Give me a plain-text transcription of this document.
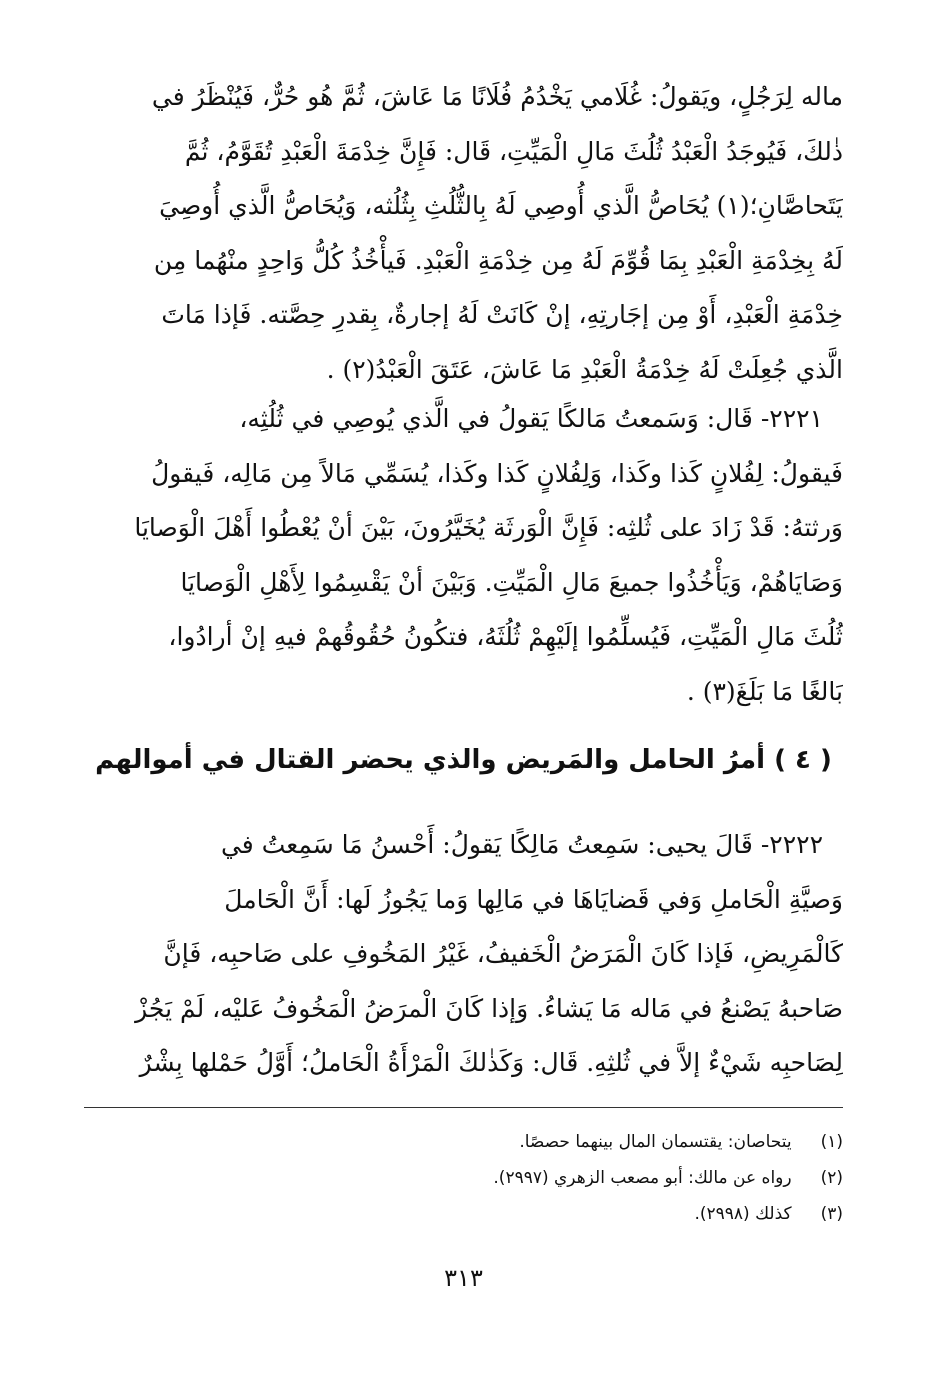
ماله لِرَجُلٍ، ويَقولُ: غُلَامي يَخْدُمُ فُلَانًا مَا عَاشَ، ثُمَّ هُو حُرٌّ، فَيُنْظَرُ في
ذٰلكَ، فَيُوجَدُ الْعَبْدُ ثُلُثَ مَالِ الْمَيِّتِ، قَال: فَإِنَّ خِدْمَةَ الْعَبْدِ تُقَوَّمُ، ثُمَّ
يَتَحاصَّانِ؛(١) يُحَاصُّ الَّذي أُوصِي لَهُ بِالثُّلُثِ بِثُلُثه، وَيُحَاصُّ الَّذي أُوصِيَ
لَهُ بِخِدْمَةِ الْعَبْدِ بِمَا قُوِّمَ لَهُ مِن خِدْمَةِ الْعَبْدِ. فَيأْخُذُ كُلُّ وَاحِدٍ منْهُما مِن
خِدْمَةِ الْعَبْدِ، أَوْ مِن إجَارتِهِ، إنْ كَانَتْ لَهُ إجارةٌ، بِقدرِ حِصَّته. فَإذا مَاتَ
الَّذي جُعِلَتْ لَهُ خِدْمَةُ الْعَبْدِ مَا عَاشَ، عَتَقَ الْعَبْدُ(٢) .
٢٢٢١- قَال: وَسَمعتُ مَالكًا يَقولُ في الَّذي يُوصِي في ثُلُثِه،
فَيقولُ: لِفُلانٍ كَذا وكَذا، وَلِفُلانٍ كَذا وكَذا، يُسَمِّي مَالاً مِن مَالِه، فَيقولُ
وَرثتهُ: قَدْ زَادَ على ثُلثِه: فَإِنَّ الْوَرثَة يُخَيَّرُونَ، بَيْنَ أنْ يُعْطُوا أَهْلَ الْوَصايَا
وَصَايَاهُمْ، وَيَأْخُذُوا جميعَ مَالِ الْمَيِّتِ. وَبَيْنَ أنْ يَقْسِمُوا لِأَهْلِ الْوَصايَا
ثُلُثَ مَالِ الْمَيِّتِ، فَيُسلِّمُوا إلَيْهِمْ ثُلُثَهُ، فتكُونُ حُقُوقُهمْ فيهِ إنْ أرادُوا،
بَالغًا مَا بَلَغَ(٣) .
( ٤ ) أمرُ الحامل والمَريض والذي يحضر القتال في أموالهم
٢٢٢٢- قَالَ يحيى: سَمِعتُ مَالِكًا يَقولُ: أَحْسنُ مَا سَمِعتُ في
وَصيَّةِ الْحَاملِ وَفي قَضايَاهَا في مَالِها وَما يَجُوزُ لَها: أَنَّ الْحَاملَ
كَالْمَرِيضِ، فَإذا كَانَ الْمَرَضُ الْخَفيفُ، غَيْرُ المَخُوفِ على صَاحبِه، فَإنَّ
صَاحبهُ يَصْنعُ في مَاله مَا يَشاءُ. وَإذا كَانَ الْمرَضُ الْمَخُوفُ عَليْه، لَمْ يَجُزْ
لِصَاحبِه شَيْءٌ إلاَّ في ثُلثِهِ. قَال: وَكَذٰلكَ الْمَرْأَةُ الْحَاملُ؛ أَوَّلُ حَمْلها بِشْرٌ
(١) يتحاصان: يقتسمان المال بينهما حصصًا.
(٢) رواه عن مالك: أبو مصعب الزهري (٢٩٩٧).
(٣) كذلك (٢٩٩٨).
٣١٣
